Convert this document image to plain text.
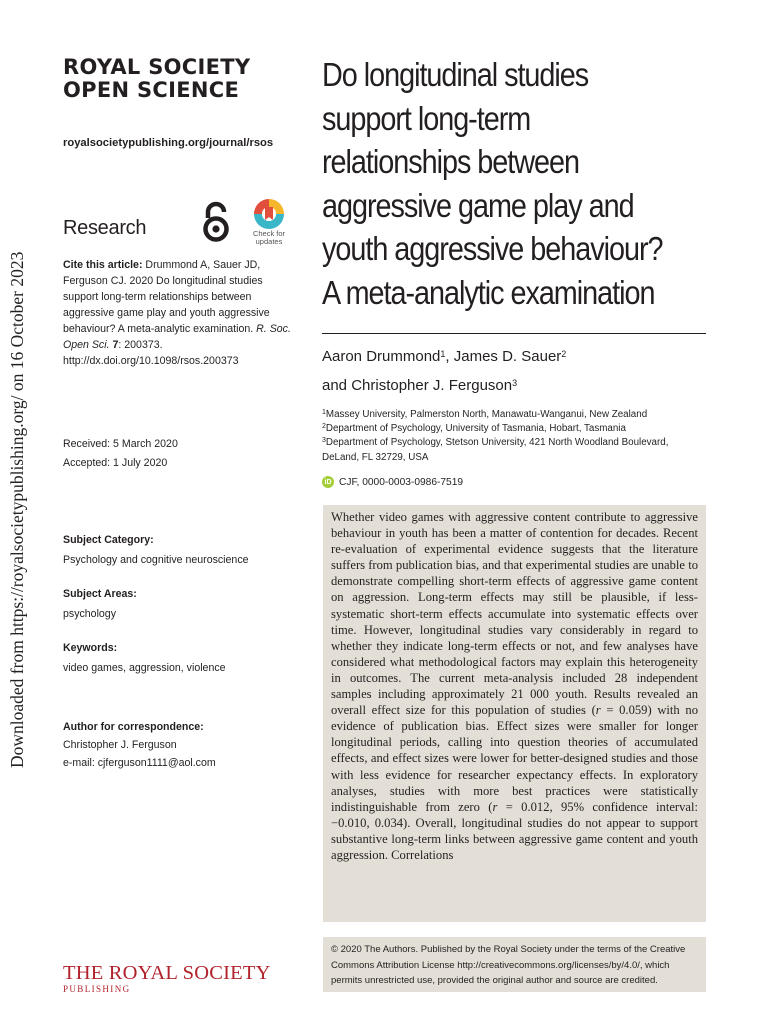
Downloaded from https://royalsocietypublishing.org/ on 16 October 2023
ROYAL SOCIETY
OPEN SCIENCE
royalsocietypublishing.org/journal/rsos
Research	Check for updates
Cite this article: Drummond A, Sauer JD, Ferguson CJ. 2020 Do longitudinal studies support long-term relationships between aggressive game play and youth aggressive behaviour? A meta-analytic examination. R. Soc. Open Sci. 7: 200373.
http://dx.doi.org/10.1098/rsos.200373
Received: 5 March 2020
Accepted: 1 July 2020
Subject Category:
Psychology and cognitive neuroscience
Subject Areas:
psychology
Keywords:
video games, aggression, violence
Author for correspondence:
Christopher J. Ferguson
e-mail: cjferguson1111@aol.com
THE ROYAL SOCIETY
PUBLISHING
Do longitudinal studies
support long-term
relationships between
aggressive game play and
youth aggressive behaviour?
A meta-analytic examination
Aaron Drummond$^1$, James D. Sauer$^2$
and Christopher J. Ferguson$^3$
$^1$Massey University, Palmerston North, Manawatu-Wanganui, New Zealand
$^2$Department of Psychology, University of Tasmania, Hobart, Tasmania
$^3$Department of Psychology, Stetson University, 421 North Woodland Boulevard, DeLand, FL 32729, USA
iD CJF, 0000-0003-0986-7519
Whether video games with aggressive content contribute to aggressive behaviour in youth has been a matter of contention for decades. Recent re-evaluation of experimental evidence suggests that the literature suffers from publication bias, and that experimental studies are unable to demonstrate compelling short-term effects of aggressive game content on aggression. Long-term effects may still be plausible, if less-systematic short-term effects accumulate into systematic effects over time. However, longitudinal studies vary considerably in regard to whether they indicate long-term effects or not, and few analyses have considered what methodological factors may explain this heterogeneity in outcomes. The current meta-analysis included 28 independent samples including approximately 21 000 youth. Results revealed an overall effect size for this population of studies (r = 0.059) with no evidence of publication bias. Effect sizes were smaller for longer longitudinal periods, calling into question theories of accumulated effects, and effect sizes were lower for better-designed studies and those with less evidence for researcher expectancy effects. In exploratory analyses, studies with more best practices were statistically indistinguishable from zero (r = 0.012, 95% confidence interval: −0.010, 0.034). Overall, longitudinal studies do not appear to support substantive long-term links between aggressive game content and youth aggression. Correlations
© 2020 The Authors. Published by the Royal Society under the terms of the Creative Commons Attribution License http://creativecommons.org/licenses/by/4.0/, which permits unrestricted use, provided the original author and source are credited.
